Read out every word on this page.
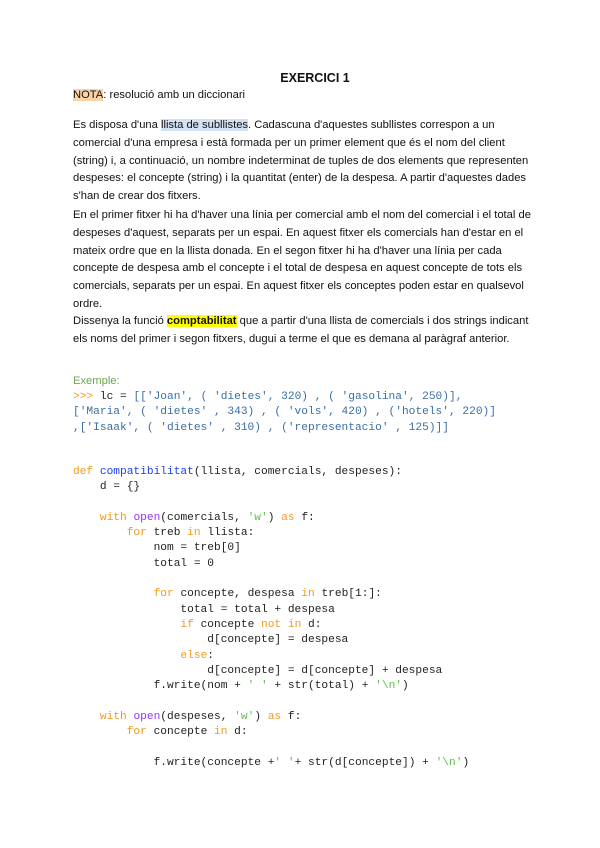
EXERCICI 1
NOTA: resolució amb un diccionari
Es disposa d'una llista de subllistes. Cadascuna d'aquestes subllistes correspon a un
comercial d'una empresa i està formada per un primer element que és el nom del client
(string) i, a continuació, un nombre indeterminat de tuples de dos elements que representen
despeses: el concepte (string) i la quantitat (enter) de la despesa. A partir d'aquestes dades
s'han de crear dos fitxers.
En el primer fitxer hi ha d'haver una línia per comercial amb el nom del comercial i el total de
despeses d'aquest, separats per un espai. En aquest fitxer els comercials han d'estar en el
mateix ordre que en la llista donada. En el segon fitxer hi ha d'haver una línia per cada
concepte de despesa amb el concepte i el total de despesa en aquest concepte de tots els
comercials, separats per un espai. En aquest fitxer els conceptes poden estar en qualsevol
ordre.
Dissenya la funció comptabilitat que a partir d'una llista de comercials i dos strings indicant
els noms del primer i segon fitxers, dugui a terme el que es demana al paràgraf anterior.
Exemple:
>>> lc = [['Joan', ( 'dietes', 320) , ( 'gasolina', 250)],
['Maria', ( 'dietes' , 343) , ( 'vols', 420) , ('hotels', 220)]
,['Isaak', ( 'dietes' , 310) , ('representacio' , 125)]]
def compatibilitat(llista, comercials, despeses):
d = {}

with open(comercials, 'w') as f:
for treb in llista:
nom = treb[0]
total = 0

for concepte, despesa in treb[1:]:
total = total + despesa
if concepte not in d:
d[concepte] = despesa
else:
d[concepte] = d[concepte] + despesa
f.write(nom + ' ' + str(total) + '\n')

with open(despeses, 'w') as f:
for concepte in d:

f.write(concepte +' '+ str(d[concepte]) + '\n')
